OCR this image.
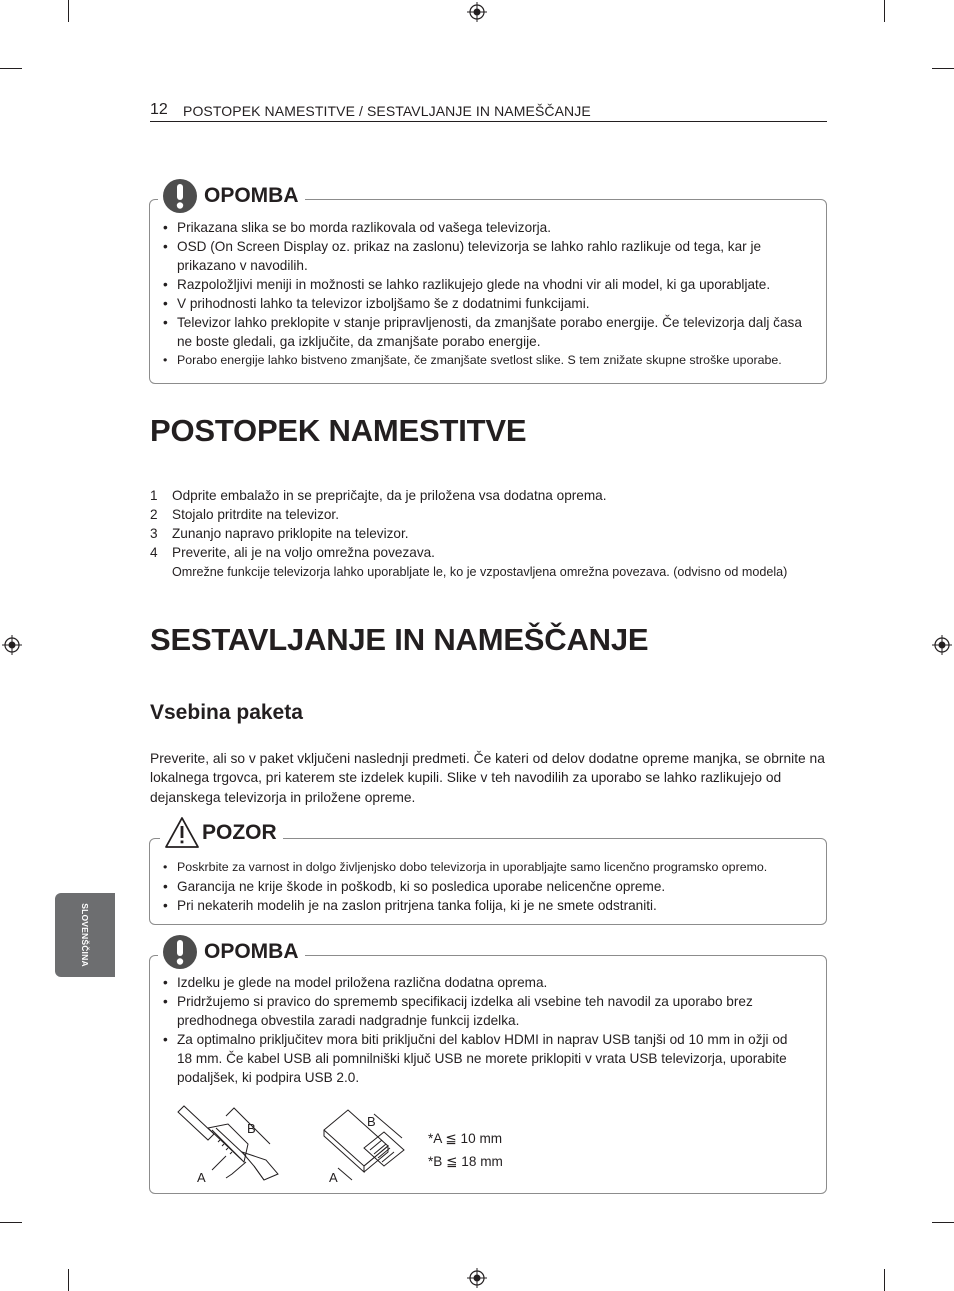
12 POSTOPEK NAMESTITVE / SESTAVLJANJE IN NAMEŠČANJE
OPOMBA
• Prikazana slika se bo morda razlikovala od vašega televizorja.
• OSD (On Screen Display oz. prikaz na zaslonu) televizorja se lahko rahlo razlikuje od tega, kar je prikazano v navodilih.
• Razpoložljivi meniji in možnosti se lahko razlikujejo glede na vhodni vir ali model, ki ga uporabljate.
• V prihodnosti lahko ta televizor izboljšamo še z dodatnimi funkcijami.
• Televizor lahko preklopite v stanje pripravljenosti, da zmanjšate porabo energije. Če televizorja dalj časa ne boste gledali, ga izključite, da zmanjšate porabo energije.
• Porabo energije lahko bistveno zmanjšate, če zmanjšate svetlost slike. S tem znižate skupne stroške uporabe.
POSTOPEK NAMESTITVE
1 Odprite embalažo in se prepričajte, da je priložena vsa dodatna oprema.
2 Stojalo pritrdite na televizor.
3 Zunanjo napravo priklopite na televizor.
4 Preverite, ali je na voljo omrežna povezava.
Omrežne funkcije televizorja lahko uporabljate le, ko je vzpostavljena omrežna povezava. (odvisno od modela)
SESTAVLJANJE IN NAMEŠČANJE
Vsebina paketa
Preverite, ali so v paket vključeni naslednji predmeti. Če kateri od delov dodatne opreme manjka, se obrnite na lokalnega trgovca, pri katerem ste izdelek kupili. Slike v teh navodilih za uporabo se lahko razlikujejo od dejanskega televizorja in priložene opreme.
POZOR
• Poskrbite za varnost in dolgo življenjsko dobo televizorja in uporabljajte samo licenčno programsko opremo.
• Garancija ne krije škode in poškodb, ki so posledica uporabe nelicenčne opreme.
• Pri nekaterih modelih je na zaslon pritrjena tanka folija, ki je ne smete odstraniti.
OPOMBA
• Izdelku je glede na model priložena različna dodatna oprema.
• Pridržujemo si pravico do sprememb specifikacij izdelka ali vsebine teh navodil za uporabo brez predhodnega obvestila zaradi nadgradnje funkcij izdelka.
• Za optimalno priključitev mora biti priključni del kablov HDMI in naprav USB tanjši od 10 mm in ožji od 18 mm. Če kabel USB ali pomnilniški ključ USB ne morete priklopiti v vrata USB televizorja, uporabite podaljšek, ki podpira USB 2.0.
B
A
B
A
*A ≦ 10 mm
*B ≦ 18 mm
SLOVENŠČINA
